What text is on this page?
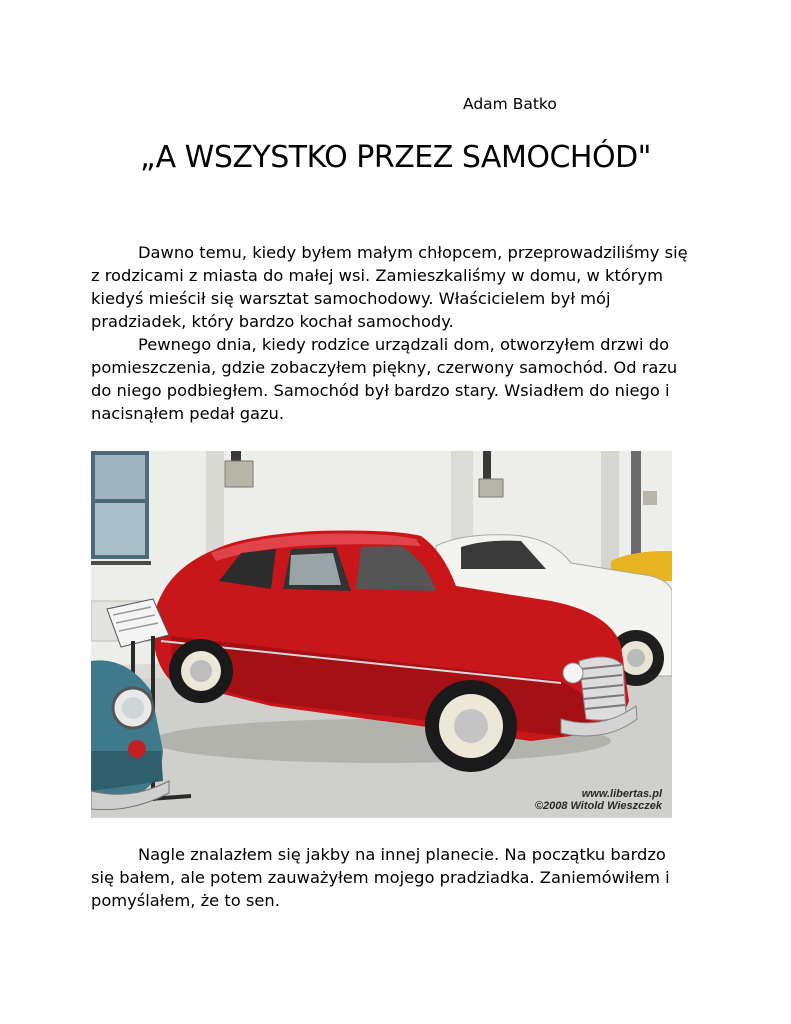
Adam Batko
„A WSZYSTKO PRZEZ SAMOCHÓD"

Dawno temu, kiedy byłem małym chłopcem, przeprowadziliśmy się z rodzicami z miasta do małej wsi. Zamieszkaliśmy w domu, w którym kiedyś mieścił się warsztat samochodowy. Właścicielem był mój pradziadek, który bardzo kochał samochody.

Pewnego dnia, kiedy rodzice urządzali dom, otworzyłem drzwi do pomieszczenia, gdzie zobaczyłem piękny, czerwony samochód. Od razu do niego podbiegłem. Samochód był bardzo stary. Wsiadłem do niego i nacisnąłem pedał gazu.

www.libertas.pl
©2008 Witold Wieszczek

Nagle znalazłem się jakby na innej planecie. Na początku bardzo się bałem, ale potem zauważyłem mojego pradziadka. Zaniemówiłem i pomyślałem, że to sen.
